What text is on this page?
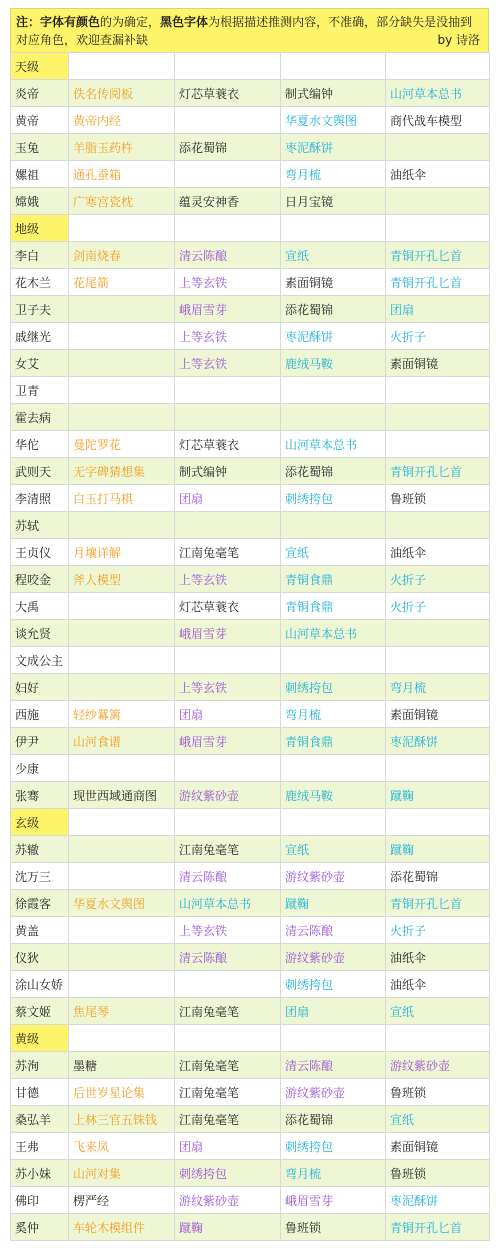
注：字体有颜色的为确定，黑色字体为根据描述推测内容，不准确，部分缺失是没抽到对应角色，欢迎查漏补缺	by 诗洛
天级				
炎帝	佚名传阅板	灯芯草蓑衣	制式编钟	山河草本总书
黄帝	黄帝内经		华夏水文舆图	商代战车模型
玉兔	羊脂玉药杵	添花蜀锦	枣泥酥饼	
嫘祖	通孔蚕箱		弯月梳	油纸伞
嫦娥	广寒宫瓷枕	蕴灵安神香	日月宝镜	
地级				
李白	剑南烧春	清云陈酿	宣纸	青铜开孔匕首
花木兰	花尾箭	上等玄铁	素面铜镜	青铜开孔匕首
卫子夫		峨眉雪芽	添花蜀锦	团扇
戚继光		上等玄铁	枣泥酥饼	火折子
女艾		上等玄铁	鹿绒马鞍	素面铜镜
卫青				
霍去病				
华佗	曼陀罗花	灯芯草蓑衣	山河草本总书	
武则天	无字碑猜想集	制式编钟	添花蜀锦	青铜开孔匕首
李清照	白玉打马棋	团扇	刺绣挎包	鲁班锁
苏轼				
王贞仪	月壤详解	江南兔毫笔	宣纸	油纸伞
程咬金	斧人模型	上等玄铁	青铜食鼎	火折子
大禹		灯芯草蓑衣	青铜食鼎	火折子
谈允贤		峨眉雪芽	山河草本总书	
文成公主				
妇好		上等玄铁	刺绣挎包	弯月梳
西施	轻纱羃篱	团扇	弯月梳	素面铜镜
伊尹	山河食谱	峨眉雪芽	青铜食鼎	枣泥酥饼
少康				
张骞	现世西域通商图	游纹紫砂壶	鹿绒马鞍	蹴鞠
玄级				
苏辙		江南兔毫笔	宣纸	蹴鞠
沈万三		清云陈酿	游纹紫砂壶	添花蜀锦
徐霞客	华夏水文舆图	山河草本总书	蹴鞠	青铜开孔匕首
黄盖		上等玄铁	清云陈酿	火折子
仪狄		清云陈酿	游纹紫砂壶	油纸伞
涂山女娇			刺绣挎包	油纸伞
蔡文姬	焦尾琴	江南兔毫笔	团扇	宣纸
黄级				
苏洵	墨糖	江南兔毫笔	清云陈酿	游纹紫砂壶
甘德	后世岁星论集	江南兔毫笔	游纹紫砂壶	鲁班锁
桑弘羊	上林三官五铢钱	江南兔毫笔	添花蜀锦	宣纸
王弗	飞来凤	团扇	刺绣挎包	素面铜镜
苏小妹	山河对集	刺绣挎包	弯月梳	鲁班锁
佛印	楞严经	游纹紫砂壶	峨眉雪芽	枣泥酥饼
奚仲	车轮木模组件	蹴鞠	鲁班锁	青铜开孔匕首
